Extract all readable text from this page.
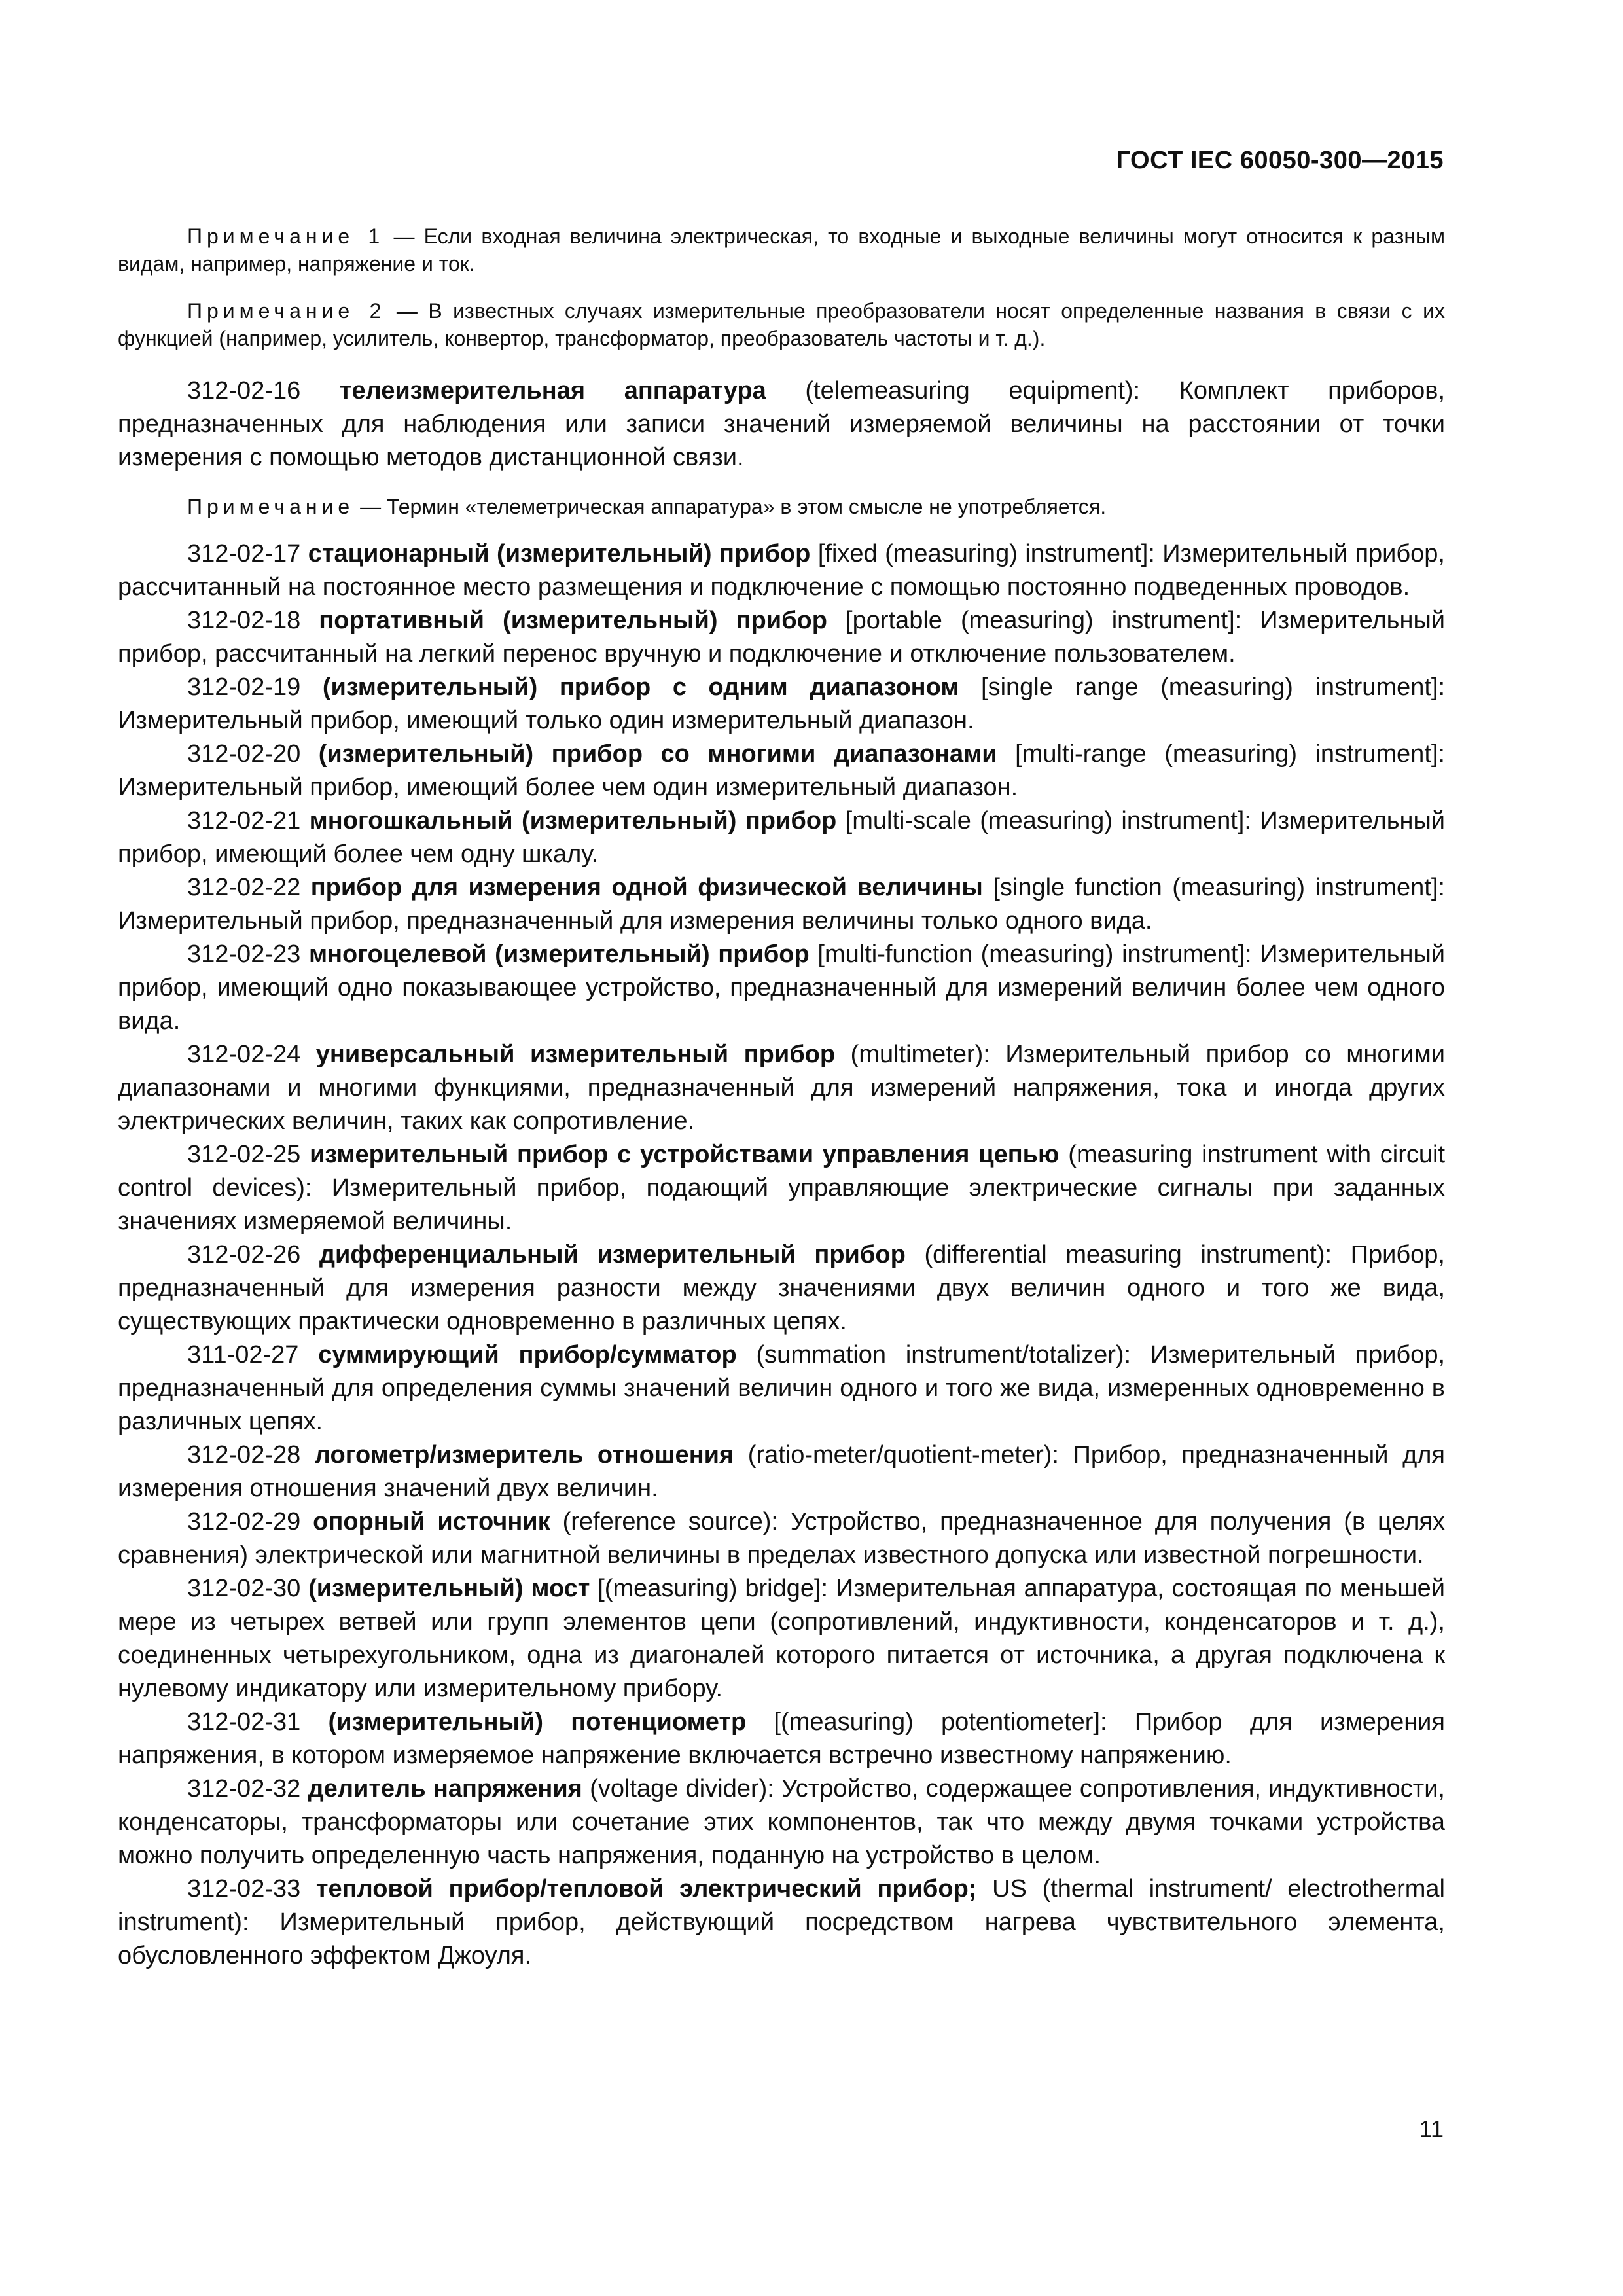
ГОСТ IEC 60050-300—2015

Примечание 1 — Если входная величина электрическая, то входные и выходные величины могут относится к разным видам, например, напряжение и ток.

Примечание 2 — В известных случаях измерительные преобразователи носят определенные названия в связи с их функцией (например, усилитель, конвертор, трансформатор, преобразователь частоты и т. д.).

312-02-16 телеизмерительная аппаратура (telemeasuring equipment): Комплект приборов, предназначенных для наблюдения или записи значений измеряемой величины на расстоянии от точки измерения с помощью методов дистанционной связи.

Примечание — Термин «телеметрическая аппаратура» в этом смысле не употребляется.

312-02-17 стационарный (измерительный) прибор [fixed (measuring) instrument]: Измерительный прибор, рассчитанный на постоянное место размещения и подключение с помощью постоянно подведенных проводов.

312-02-18 портативный (измерительный) прибор [portable (measuring) instrument]: Измерительный прибор, рассчитанный на легкий перенос вручную и подключение и отключение пользователем.

312-02-19 (измерительный) прибор с одним диапазоном [single range (measuring) instrument]: Измерительный прибор, имеющий только один измерительный диапазон.

312-02-20 (измерительный) прибор со многими диапазонами [multi-range (measuring) instrument]: Измерительный прибор, имеющий более чем один измерительный диапазон.

312-02-21 многошкальный (измерительный) прибор [multi-scale (measuring) instrument]: Измерительный прибор, имеющий более чем одну шкалу.

312-02-22 прибор для измерения одной физической величины [single function (measuring) instrument]: Измерительный прибор, предназначенный для измерения величины только одного вида.

312-02-23 многоцелевой (измерительный) прибор [multi-function (measuring) instrument]: Измерительный прибор, имеющий одно показывающее устройство, предназначенный для измерений величин более чем одного вида.

312-02-24 универсальный измерительный прибор (multimeter): Измерительный прибор со многими диапазонами и многими функциями, предназначенный для измерений напряжения, тока и иногда других электрических величин, таких как сопротивление.

312-02-25 измерительный прибор с устройствами управления цепью (measuring instrument with circuit control devices): Измерительный прибор, подающий управляющие электрические сигналы при заданных значениях измеряемой величины.

312-02-26 дифференциальный измерительный прибор (differential measuring instrument): Прибор, предназначенный для измерения разности между значениями двух величин одного и того же вида, существующих практически одновременно в различных цепях.

311-02-27 суммирующий прибор/сумматор (summation instrument/totalizer): Измерительный прибор, предназначенный для определения суммы значений величин одного и того же вида, измеренных одновременно в различных цепях.

312-02-28 логометр/измеритель отношения (ratio-meter/quotient-meter): Прибор, предназначенный для измерения отношения значений двух величин.

312-02-29 опорный источник (reference source): Устройство, предназначенное для получения (в целях сравнения) электрической или магнитной величины в пределах известного допуска или известной погрешности.

312-02-30 (измерительный) мост [(measuring) bridge]: Измерительная аппаратура, состоящая по меньшей мере из четырех ветвей или групп элементов цепи (сопротивлений, индуктивности, конденсаторов и т. д.), соединенных четырехугольником, одна из диагоналей которого питается от источника, а другая подключена к нулевому индикатору или измерительному прибору.

312-02-31 (измерительный) потенциометр [(measuring) potentiometer]: Прибор для измерения напряжения, в котором измеряемое напряжение включается встречно известному напряжению.

312-02-32 делитель напряжения (voltage divider): Устройство, содержащее сопротивления, индуктивности, конденсаторы, трансформаторы или сочетание этих компонентов, так что между двумя точками устройства можно получить определенную часть напряжения, поданную на устройство в целом.

312-02-33 тепловой прибор/тепловой электрический прибор; US (thermal instrument/ electrothermal instrument): Измерительный прибор, действующий посредством нагрева чувствительного элемента, обусловленного эффектом Джоуля.

11
